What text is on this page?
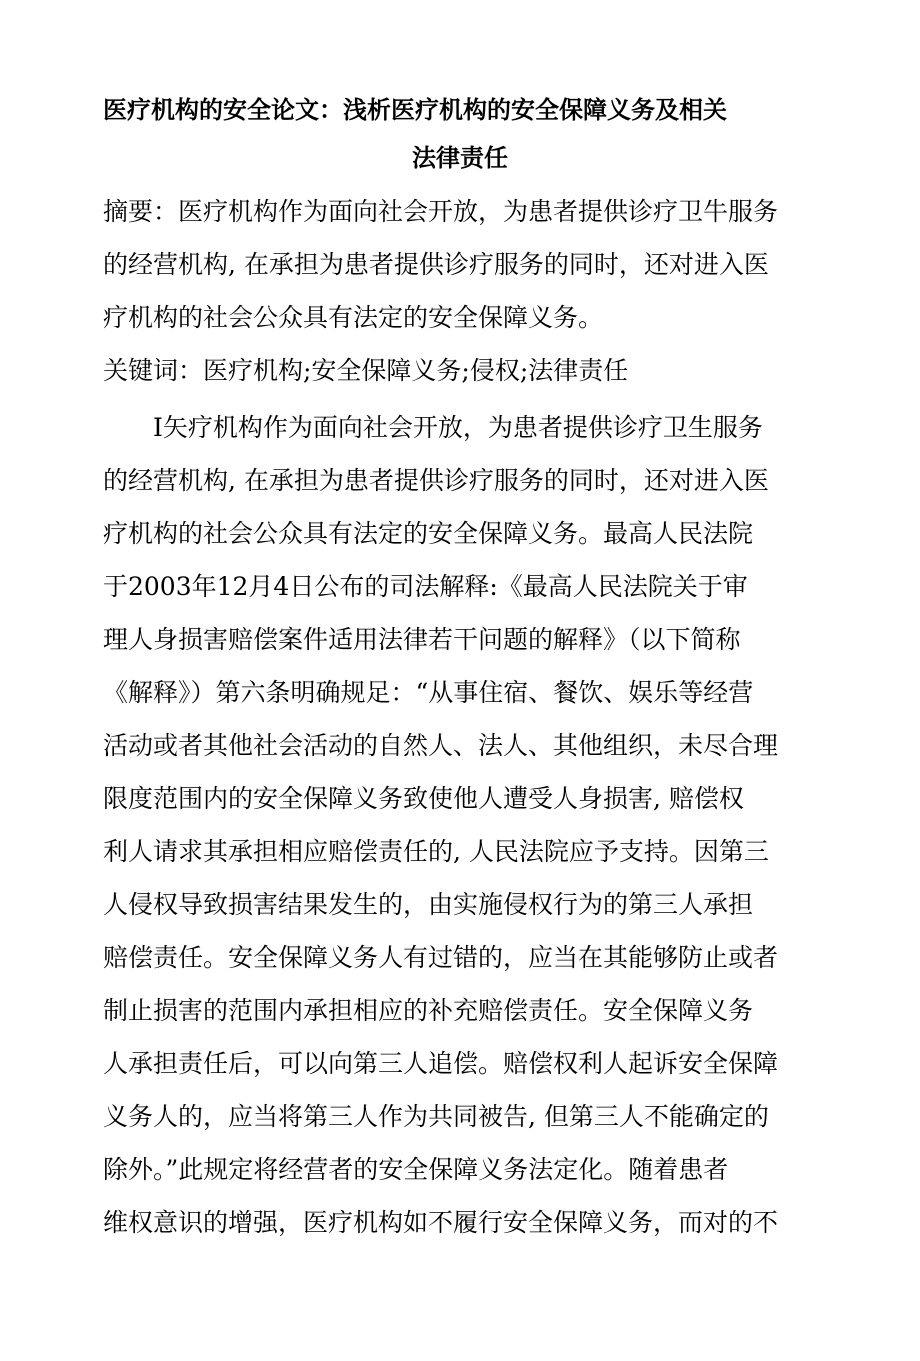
医疗机构的安全论文：浅析医疗机构的安全保障义务及相关
法律责任
摘要：医疗机构作为面向社会开放，为患者提供诊疗卫牛服务
的经营机构, 在承担为患者提供诊疗服务的同时，还对进入医
疗机构的社会公众具有法定的安全保障义务。
关键词：医疗机构;安全保障义务;侵权;法律责任
　　I矢疗机构作为面向社会开放，为患者提供诊疗卫生服务
的经营机构, 在承担为患者提供诊疗服务的同时，还对进入医
疗机构的社会公众具有法定的安全保障义务。最高人民法院
于2003年12月4日公布的司法解释:《最高人民法院关于审
理人身损害赔偿案件适用法律若干问题的解释》（以下简称
《解释》）第六条明确规足：“从事住宿、餐饮、娱乐等经营
活动或者其他社会活动的自然人、法人、其他组织，未尽合理
限度范围内的安全保障义务致使他人遭受人身损害, 赔偿权
利人请求其承担相应赔偿责任的, 人民法院应予支持。因第三
人侵权导致损害结果发生的，由实施侵权行为的第三人承担
赔偿责任。安全保障义务人有过错的，应当在其能够防止或者
制止损害的范围内承担相应的补充赔偿责任。安全保障义务
人承担责任后，可以向第三人追偿。赔偿权利人起诉安全保障
义务人的，应当将第三人作为共同被告, 但第三人不能确定的
除外。”此规定将经营者的安全保障义务法定化。随着患者
维权意识的增强，医疗机构如不履行安全保障义务，而对的不
